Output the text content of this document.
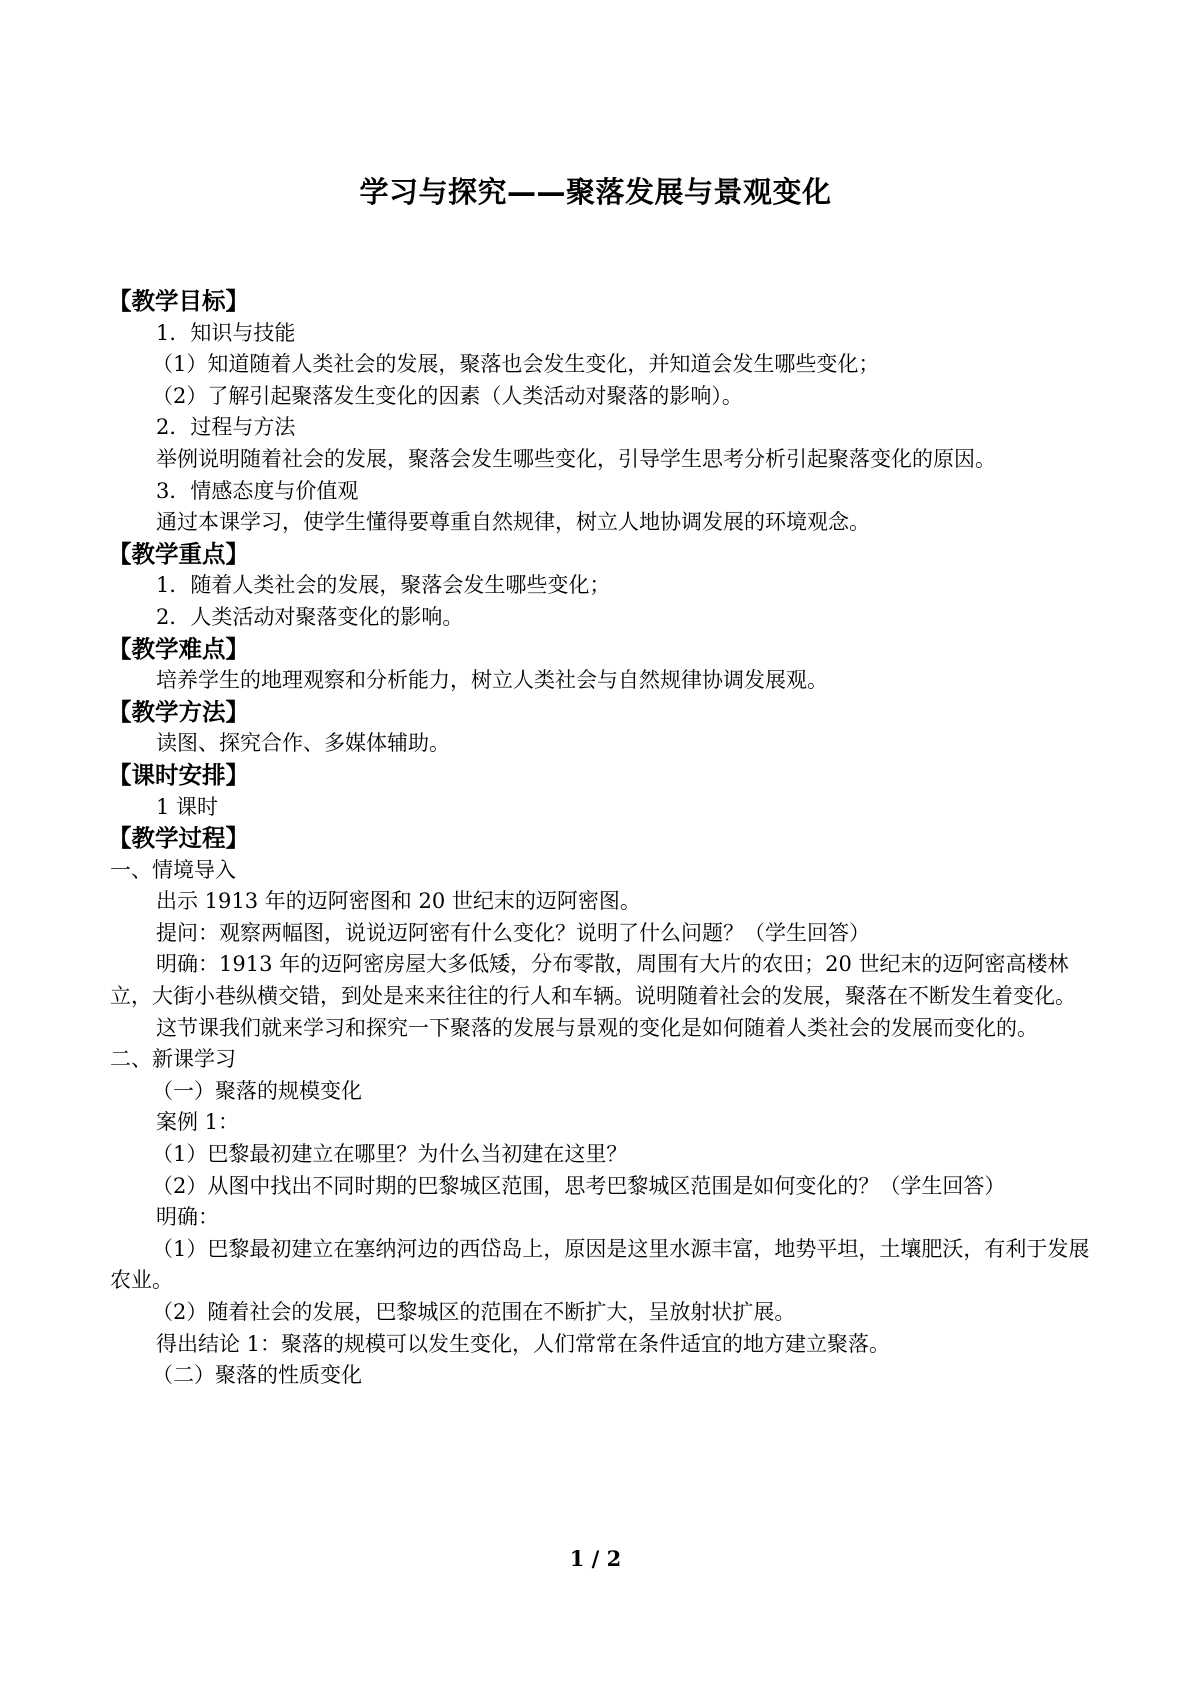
学习与探究——聚落发展与景观变化
【教学目标】
1．知识与技能
（1）知道随着人类社会的发展，聚落也会发生变化，并知道会发生哪些变化；
（2）了解引起聚落发生变化的因素（人类活动对聚落的影响）。
2．过程与方法
举例说明随着社会的发展，聚落会发生哪些变化，引导学生思考分析引起聚落变化的原因。
3．情感态度与价值观
通过本课学习，使学生懂得要尊重自然规律，树立人地协调发展的环境观念。
【教学重点】
1．随着人类社会的发展，聚落会发生哪些变化；
2．人类活动对聚落变化的影响。
【教学难点】
培养学生的地理观察和分析能力，树立人类社会与自然规律协调发展观。
【教学方法】
读图、探究合作、多媒体辅助。
【课时安排】
1 课时
【教学过程】
一、情境导入
出示 1913 年的迈阿密图和 20 世纪末的迈阿密图。
提问：观察两幅图，说说迈阿密有什么变化？说明了什么问题？（学生回答）
明确：1913 年的迈阿密房屋大多低矮，分布零散，周围有大片的农田；20 世纪末的迈阿密高楼林立，大街小巷纵横交错，到处是来来往往的行人和车辆。说明随着社会的发展，聚落在不断发生着变化。
这节课我们就来学习和探究一下聚落的发展与景观的变化是如何随着人类社会的发展而变化的。
二、新课学习
（一）聚落的规模变化
案例 1：
（1）巴黎最初建立在哪里？为什么当初建在这里？
（2）从图中找出不同时期的巴黎城区范围，思考巴黎城区范围是如何变化的？（学生回答）
明确：
（1）巴黎最初建立在塞纳河边的西岱岛上，原因是这里水源丰富，地势平坦，土壤肥沃，有利于发展农业。
（2）随着社会的发展，巴黎城区的范围在不断扩大，呈放射状扩展。
得出结论 1：聚落的规模可以发生变化，人们常常在条件适宜的地方建立聚落。
（二）聚落的性质变化
1 / 2
